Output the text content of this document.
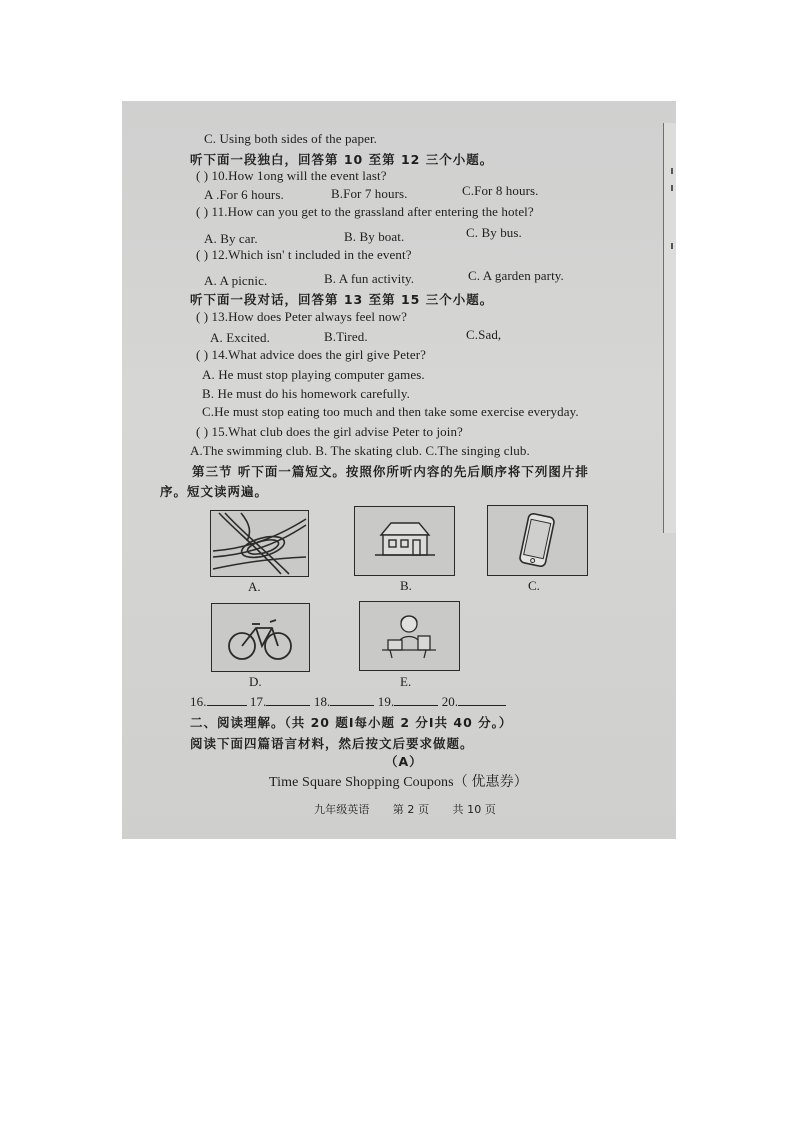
C. Using both sides of the paper.
听下面一段独白，回答第 10 至第 12 三个小题。
( ) 10.How 1ong will the event last?
A .For 6 hours.	B.For 7 hours.	C.For 8 hours.
( ) 11.How can you get to the grassland after entering the hotel?
A. By car.	B. By boat.	C. By bus.
( ) 12.Which isn' t included in the event?
A. A picnic.	B. A fun activity.	C. A garden party.
听下面一段对话，回答第 13 至第 15 三个小题。
( ) 13.How does Peter always feel now?
A. Excited.	B.Tired.	C.Sad,
( ) 14.What advice does the girl give Peter?
A. He must stop playing computer games.
B. He must do his homework carefully.
C.He must stop eating too much and then take some exercise everyday.
( ) 15.What club does the girl advise Peter to join?
A.The swimming club. B. The skating club. C.The singing club.
第三节 听下面一篇短文。按照你所听内容的先后顺序将下列图片排
序。短文读两遍。
A.	B.	C.
D.	E.
16.	17.	18.	19.	20.
二、阅读理解。（共 20 题Ⅰ每小题 2 分Ⅰ共 40 分。）
阅读下面四篇语言材料，然后按文后要求做题。
（A）
Time Square Shopping Coupons（ 优惠券）
九年级英语 第 2 页 共 10 页
